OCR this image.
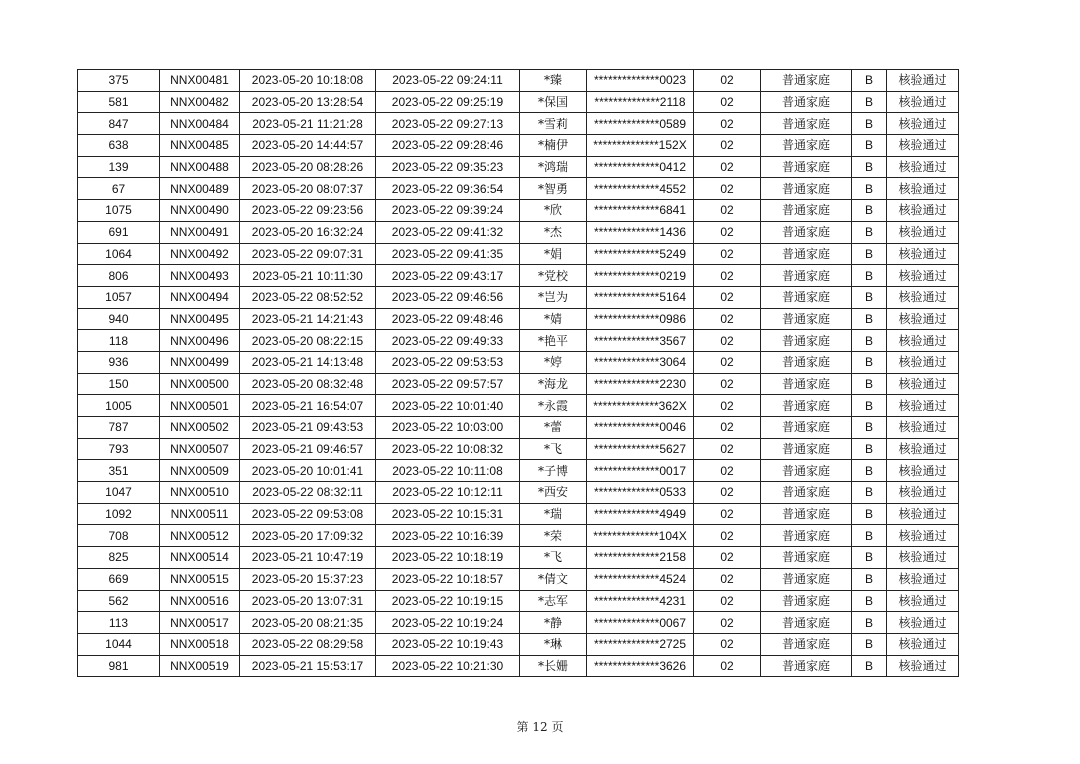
375	NNX00481	2023-05-20 10:18:08	2023-05-22 09:24:11	*臻	**************0023	02	普通家庭	B	核验通过
581	NNX00482	2023-05-20 13:28:54	2023-05-22 09:25:19	*保国	**************2118	02	普通家庭	B	核验通过
847	NNX00484	2023-05-21 11:21:28	2023-05-22 09:27:13	*雪莉	**************0589	02	普通家庭	B	核验通过
638	NNX00485	2023-05-20 14:44:57	2023-05-22 09:28:46	*楠伊	**************152X	02	普通家庭	B	核验通过
139	NNX00488	2023-05-20 08:28:26	2023-05-22 09:35:23	*鸿瑞	**************0412	02	普通家庭	B	核验通过
67	NNX00489	2023-05-20 08:07:37	2023-05-22 09:36:54	*智勇	**************4552	02	普通家庭	B	核验通过
1075	NNX00490	2023-05-22 09:23:56	2023-05-22 09:39:24	*欣	**************6841	02	普通家庭	B	核验通过
691	NNX00491	2023-05-20 16:32:24	2023-05-22 09:41:32	*杰	**************1436	02	普通家庭	B	核验通过
1064	NNX00492	2023-05-22 09:07:31	2023-05-22 09:41:35	*娟	**************5249	02	普通家庭	B	核验通过
806	NNX00493	2023-05-21 10:11:30	2023-05-22 09:43:17	*党校	**************0219	02	普通家庭	B	核验通过
1057	NNX00494	2023-05-22 08:52:52	2023-05-22 09:46:56	*岂为	**************5164	02	普通家庭	B	核验通过
940	NNX00495	2023-05-21 14:21:43	2023-05-22 09:48:46	*婧	**************0986	02	普通家庭	B	核验通过
118	NNX00496	2023-05-20 08:22:15	2023-05-22 09:49:33	*艳平	**************3567	02	普通家庭	B	核验通过
936	NNX00499	2023-05-21 14:13:48	2023-05-22 09:53:53	*婷	**************3064	02	普通家庭	B	核验通过
150	NNX00500	2023-05-20 08:32:48	2023-05-22 09:57:57	*海龙	**************2230	02	普通家庭	B	核验通过
1005	NNX00501	2023-05-21 16:54:07	2023-05-22 10:01:40	*永霞	**************362X	02	普通家庭	B	核验通过
787	NNX00502	2023-05-21 09:43:53	2023-05-22 10:03:00	*蕾	**************0046	02	普通家庭	B	核验通过
793	NNX00507	2023-05-21 09:46:57	2023-05-22 10:08:32	*飞	**************5627	02	普通家庭	B	核验通过
351	NNX00509	2023-05-20 10:01:41	2023-05-22 10:11:08	*子博	**************0017	02	普通家庭	B	核验通过
1047	NNX00510	2023-05-22 08:32:11	2023-05-22 10:12:11	*西安	**************0533	02	普通家庭	B	核验通过
1092	NNX00511	2023-05-22 09:53:08	2023-05-22 10:15:31	*瑞	**************4949	02	普通家庭	B	核验通过
708	NNX00512	2023-05-20 17:09:32	2023-05-22 10:16:39	*荣	**************104X	02	普通家庭	B	核验通过
825	NNX00514	2023-05-21 10:47:19	2023-05-22 10:18:19	*飞	**************2158	02	普通家庭	B	核验通过
669	NNX00515	2023-05-20 15:37:23	2023-05-22 10:18:57	*倩文	**************4524	02	普通家庭	B	核验通过
562	NNX00516	2023-05-20 13:07:31	2023-05-22 10:19:15	*志军	**************4231	02	普通家庭	B	核验通过
113	NNX00517	2023-05-20 08:21:35	2023-05-22 10:19:24	*静	**************0067	02	普通家庭	B	核验通过
1044	NNX00518	2023-05-22 08:29:58	2023-05-22 10:19:43	*琳	**************2725	02	普通家庭	B	核验通过
981	NNX00519	2023-05-21 15:53:17	2023-05-22 10:21:30	*长姗	**************3626	02	普通家庭	B	核验通过
第 12 页
